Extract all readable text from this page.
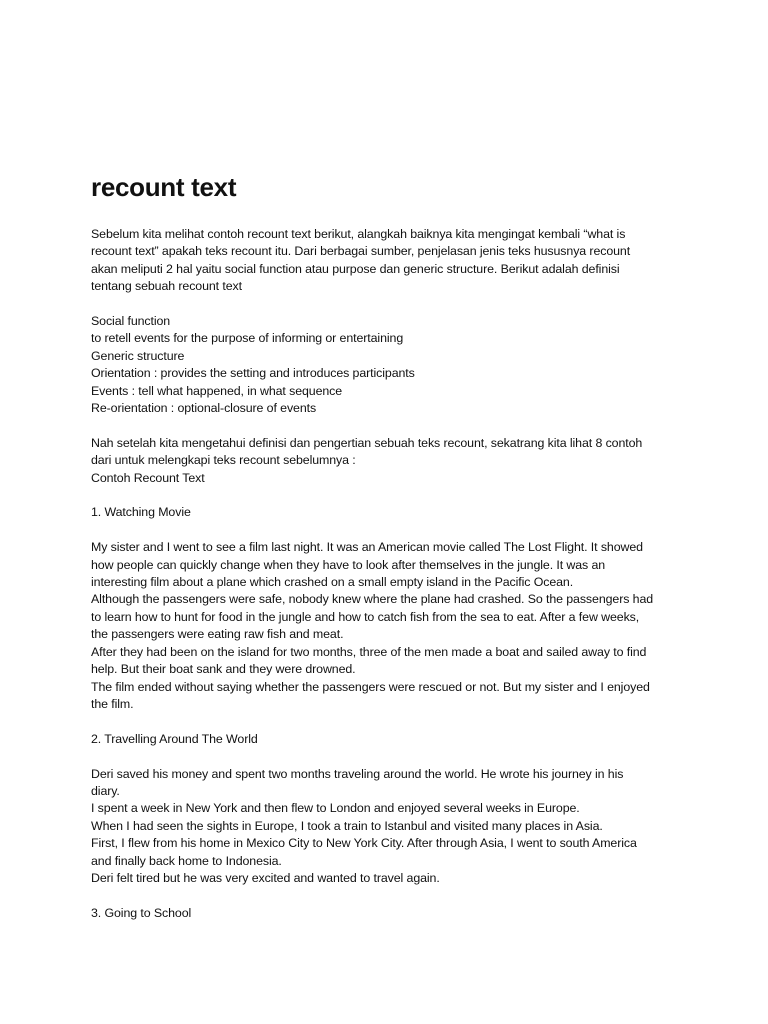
recount text
Sebelum kita melihat contoh recount text berikut, alangkah baiknya kita mengingat kembali “what is
recount text” apakah teks recount itu. Dari berbagai sumber, penjelasan jenis teks hususnya recount
akan meliputi 2 hal yaitu social function atau purpose dan generic structure. Berikut adalah definisi
tentang sebuah recount text
Social function
to retell events for the purpose of informing or entertaining
Generic structure
Orientation : provides the setting and introduces participants
Events : tell what happened, in what sequence
Re-orientation : optional-closure of events
Nah setelah kita mengetahui definisi dan pengertian sebuah teks recount, sekatrang kita lihat 8 contoh
dari untuk melengkapi teks recount sebelumnya :
Contoh Recount Text
1. Watching Movie
My sister and I went to see a film last night. It was an American movie called The Lost Flight. It showed
how people can quickly change when they have to look after themselves in the jungle. It was an
interesting film about a plane which crashed on a small empty island in the Pacific Ocean.
Although the passengers were safe, nobody knew where the plane had crashed. So the passengers had
to learn how to hunt for food in the jungle and how to catch fish from the sea to eat. After a few weeks,
the passengers were eating raw fish and meat.
After they had been on the island for two months, three of the men made a boat and sailed away to find
help. But their boat sank and they were drowned.
The film ended without saying whether the passengers were rescued or not. But my sister and I enjoyed
the film.
2. Travelling Around The World
Deri saved his money and spent two months traveling around the world. He wrote his journey in his
diary.
I spent a week in New York and then flew to London and enjoyed several weeks in Europe.
When I had seen the sights in Europe, I took a train to Istanbul and visited many places in Asia.
First, I flew from his home in Mexico City to New York City. After through Asia, I went to south America
and finally back home to Indonesia.
Deri felt tired but he was very excited and wanted to travel again.
3. Going to School
